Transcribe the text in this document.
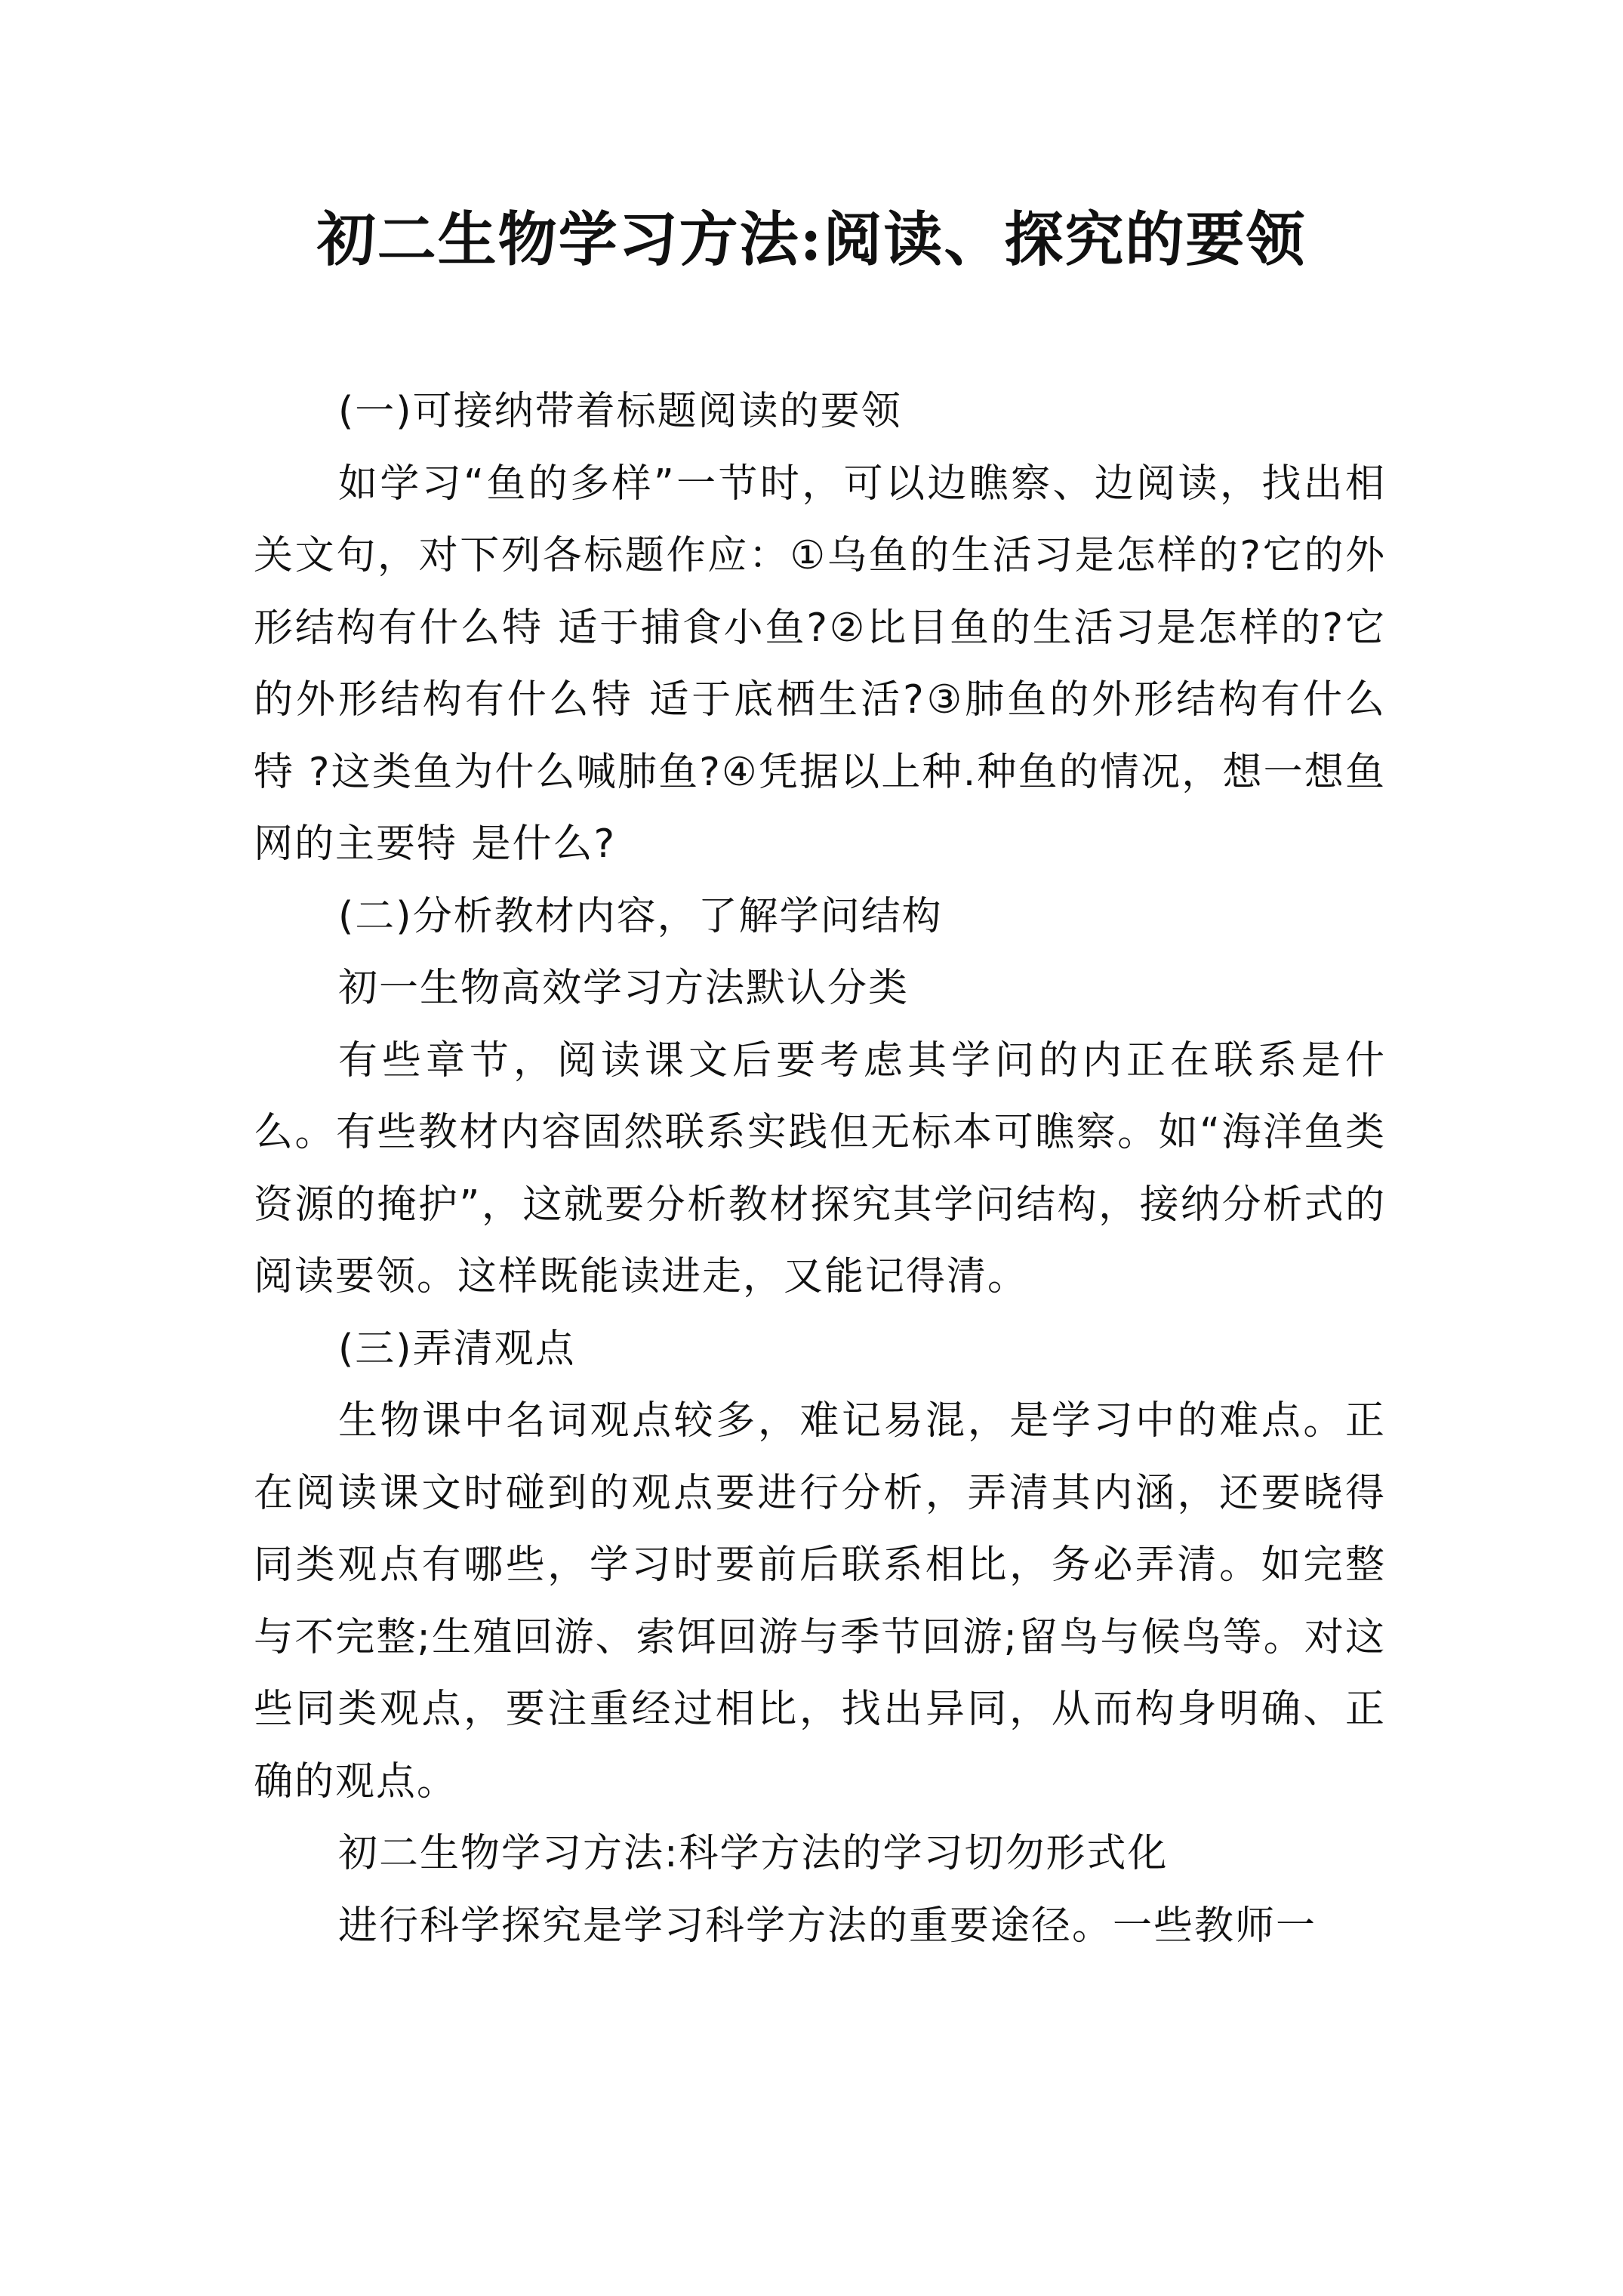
初二生物学习方法:阅读、探究的要领

(一)可接纳带着标题阅读的要领

如学习“鱼的多样”一节时，可以边瞧察、边阅读，找出相关文句，对下列各标题作应：①乌鱼的生活习是怎样的?它的外形结构有什么特 适于捕食小鱼?②比目鱼的生活习是怎样的?它的外形结构有什么特 适于底栖生活?③肺鱼的外形结构有什么特 ?这类鱼为什么喊肺鱼?④凭据以上种.种鱼的情况，想一想鱼网的主要特 是什么?

(二)分析教材内容，了解学问结构

初一生物高效学习方法默认分类

有些章节，阅读课文后要考虑其学问的内正在联系是什么。有些教材内容固然联系实践但无标本可瞧察。如“海洋鱼类资源的掩护”，这就要分析教材探究其学问结构，接纳分析式的阅读要领。这样既能读进走，又能记得清。

(三)弄清观点

生物课中名词观点较多，难记易混，是学习中的难点。正在阅读课文时碰到的观点要进行分析，弄清其内涵，还要晓得同类观点有哪些，学习时要前后联系相比，务必弄清。如完整与不完整;生殖回游、索饵回游与季节回游;留鸟与候鸟等。对这些同类观点，要注重经过相比，找出异同，从而构身明确、正确的观点。

初二生物学习方法:科学方法的学习切勿形式化

进行科学探究是学习科学方法的重要途径。一些教师一
